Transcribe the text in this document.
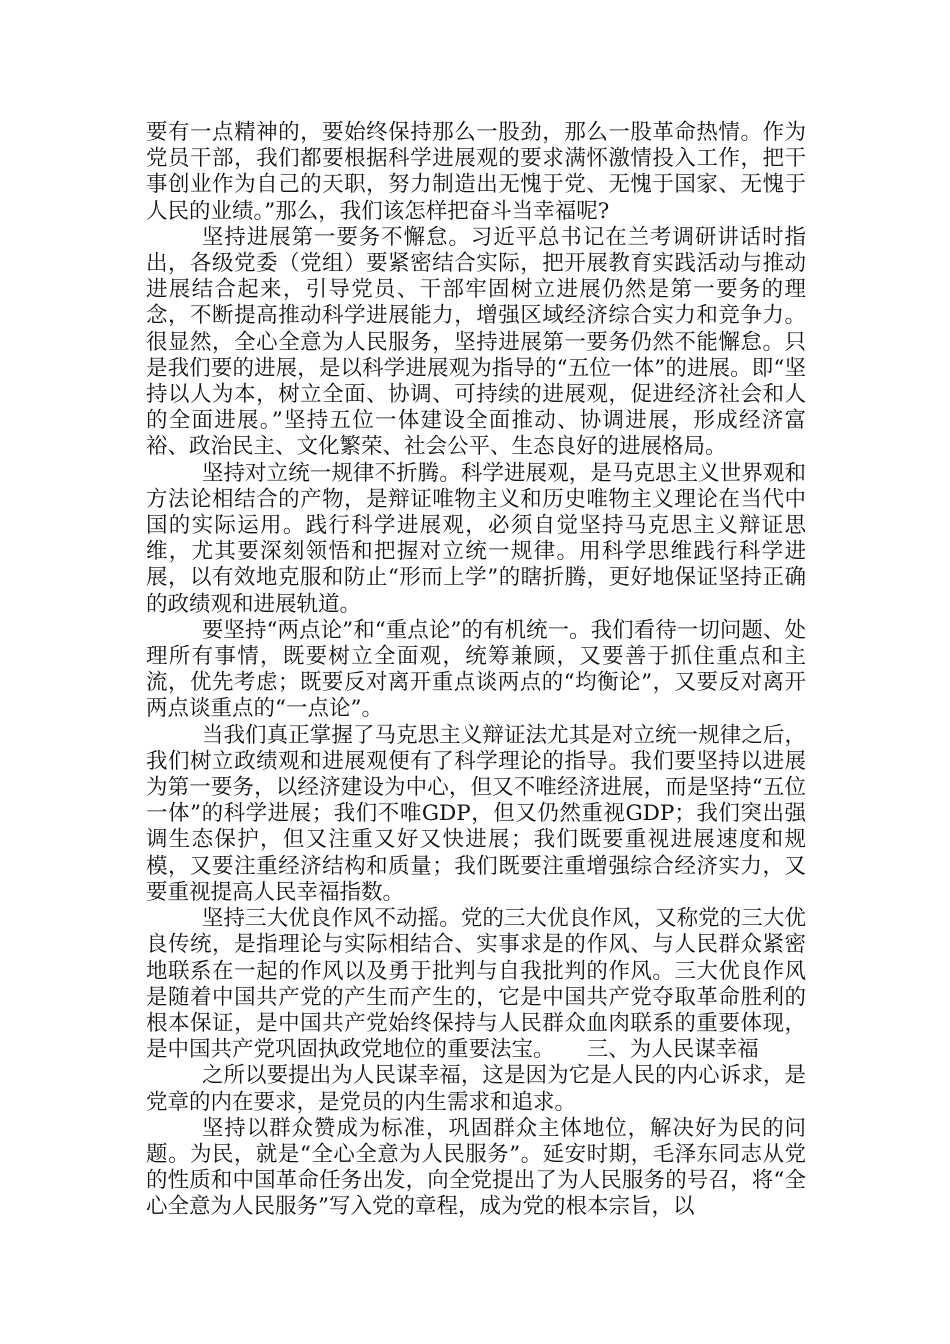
要有一点精神的，要始终保持那么一股劲，那么一股革命热情。作为党员干部，我们都要根据科学进展观的要求满怀激情投入工作，把干事创业作为自己的天职，努力制造出无愧于党、无愧于国家、无愧于人民的业绩。”那么，我们该怎样把奋斗当幸福呢?

坚持进展第一要务不懈怠。习近平总书记在兰考调研讲话时指出，各级党委（党组）要紧密结合实际，把开展教育实践活动与推动进展结合起来，引导党员、干部牢固树立进展仍然是第一要务的理念，不断提高推动科学进展能力，增强区域经济综合实力和竞争力。很显然，全心全意为人民服务，坚持进展第一要务仍然不能懈怠。只是我们要的进展，是以科学进展观为指导的“五位一体”的进展。即“坚持以人为本，树立全面、协调、可持续的进展观，促进经济社会和人的全面进展。”坚持五位一体建设全面推动、协调进展，形成经济富裕、政治民主、文化繁荣、社会公平、生态良好的进展格局。

坚持对立统一规律不折腾。科学进展观，是马克思主义世界观和方法论相结合的产物，是辩证唯物主义和历史唯物主义理论在当代中国的实际运用。践行科学进展观，必须自觉坚持马克思主义辩证思维，尤其要深刻领悟和把握对立统一规律。用科学思维践行科学进展，以有效地克服和防止“形而上学”的瞎折腾，更好地保证坚持正确的政绩观和进展轨道。

要坚持“两点论”和“重点论”的有机统一。我们看待一切问题、处理所有事情，既要树立全面观，统筹兼顾，又要善于抓住重点和主流，优先考虑；既要反对离开重点谈两点的“均衡论”，又要反对离开两点谈重点的“一点论”。

当我们真正掌握了马克思主义辩证法尤其是对立统一规律之后，我们树立政绩观和进展观便有了科学理论的指导。我们要坚持以进展为第一要务，以经济建设为中心，但又不唯经济进展，而是坚持“五位一体”的科学进展；我们不唯GDP，但又仍然重视GDP；我们突出强调生态保护，但又注重又好又快进展；我们既要重视进展速度和规模，又要注重经济结构和质量；我们既要注重增强综合经济实力，又要重视提高人民幸福指数。

坚持三大优良作风不动摇。党的三大优良作风，又称党的三大优良传统，是指理论与实际相结合、实事求是的作风、与人民群众紧密地联系在一起的作风以及勇于批判与自我批判的作风。三大优良作风是随着中国共产党的产生而产生的，它是中国共产党夺取革命胜利的根本保证，是中国共产党始终保持与人民群众血肉联系的重要体现，是中国共产党巩固执政党地位的重要法宝。　　三、为人民谋幸福

之所以要提出为人民谋幸福，这是因为它是人民的内心诉求，是党章的内在要求，是党员的内生需求和追求。

坚持以群众赞成为标准，巩固群众主体地位，解决好为民的问题。为民，就是“全心全意为人民服务”。延安时期，毛泽东同志从党的性质和中国革命任务出发，向全党提出了为人民服务的号召，将“全心全意为人民服务”写入党的章程，成为党的根本宗旨，以
